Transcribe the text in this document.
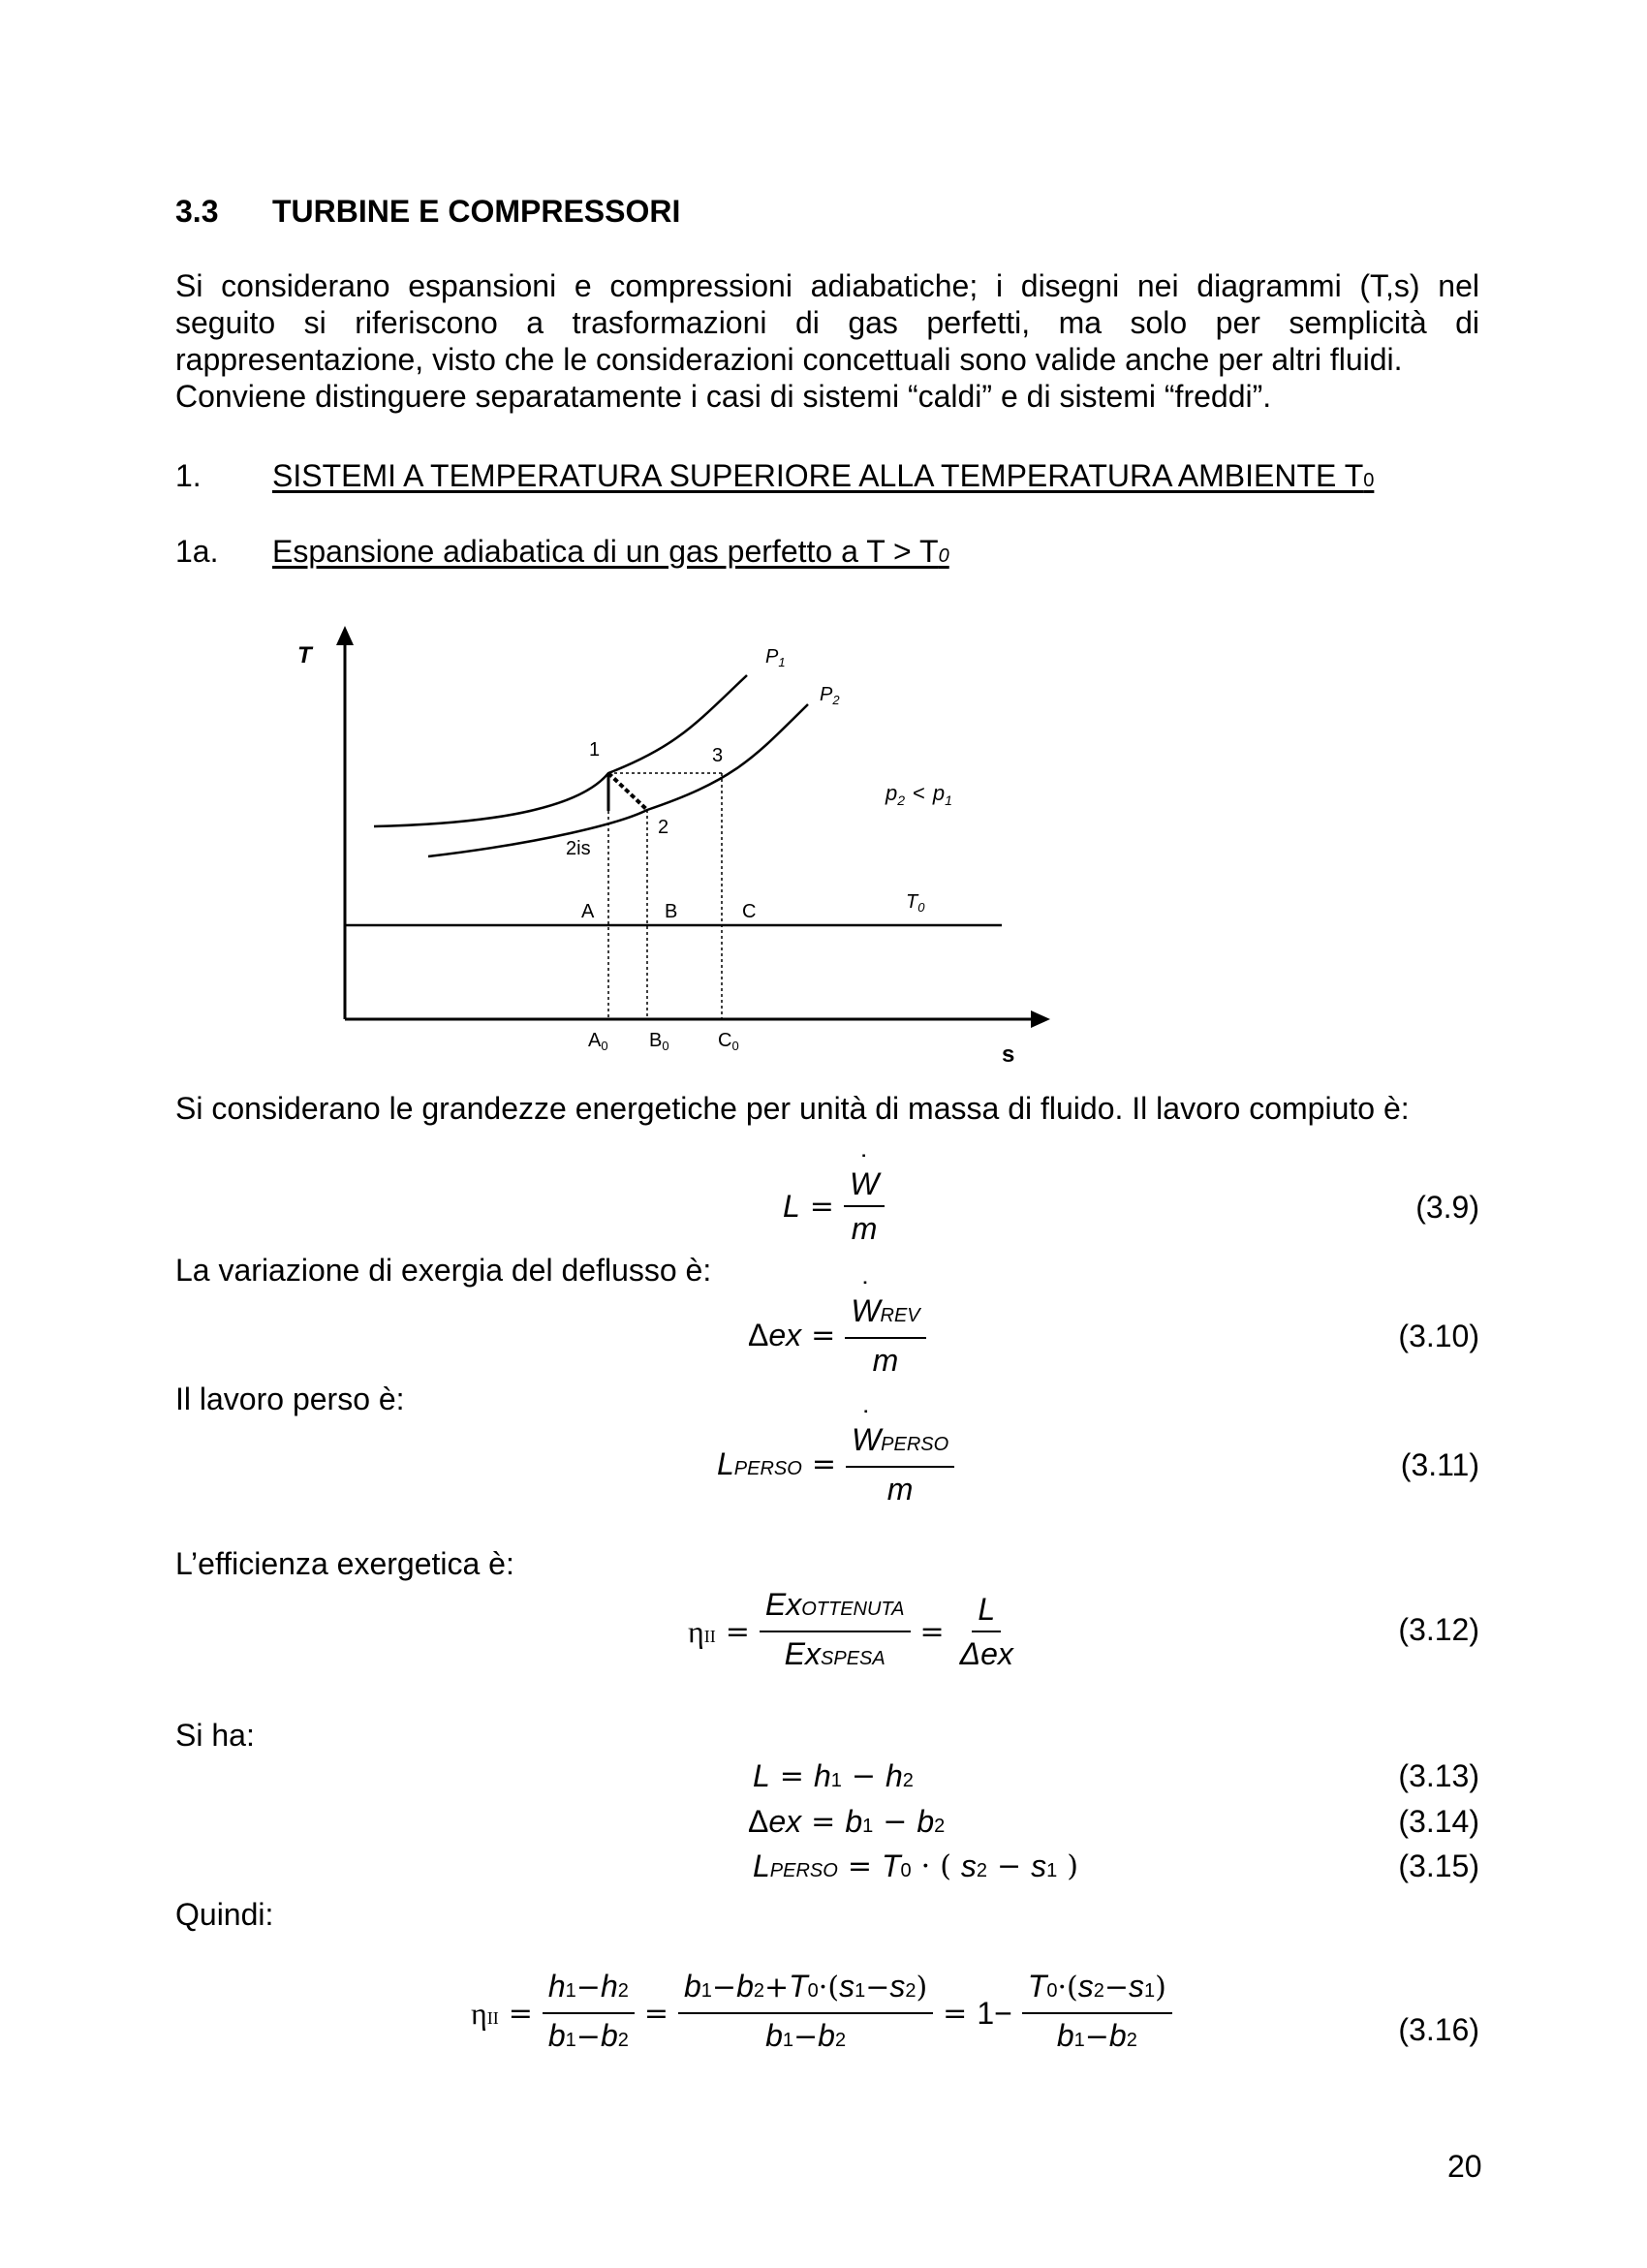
3.3 TURBINE E COMPRESSORI
Si considerano espansioni e compressioni adiabatiche; i disegni nei diagrammi (T,s) nel
seguito si riferiscono a trasformazioni di gas perfetti, ma solo per semplicità di
rappresentazione, visto che le considerazioni concettuali sono valide anche per altri fluidi.
Conviene distinguere separatamente i casi di sistemi “caldi” e di sistemi “freddi”.
1. SISTEMI A TEMPERATURA SUPERIORE ALLA TEMPERATURA AMBIENTE T0
1a. Espansione adiabatica di un gas perfetto a T > T0
T
s
$P_1$
$P_2$
1	3
2
2is
A	B	C	$T_0$
$A_0$ $B_0$	$C_0$
$p_2 < p_1$
Si considerano le grandezze energetiche per unità di massa di fluido. Il lavoro compiuto è:
L = ˙ $\frac{W}{m}$	(3.9)
La variazione di exergia del deflusso è:
Δex = ˙ $\frac{\text{WREV}}{m}$	(3.10)
Il lavoro perso è:
LPERSO = ˙ $\frac{\text{WPERSO}}{m}$	(3.11)
L’efficienza exergetica è:
$\eta II = \frac{\text{ExOTTENUTA}}{\text{ExSPESA}} = \frac{L}{\text{Δex}}$	(3.12)
Si ha:
L = h1 − h2	(3.13)
Δex = b1 − b2	(3.14)
LPERSO = T0 · ( s2 − s1 )	(3.15)
Quindi:
$\eta II = \frac{h1-h2}{b1-b2} = \frac{b1-b2+T0\cdot(s1-s2)}{b1-b2} = 1- \frac{T0\cdot(s2-s1)}{b1-b2}$	(3.16)
20
